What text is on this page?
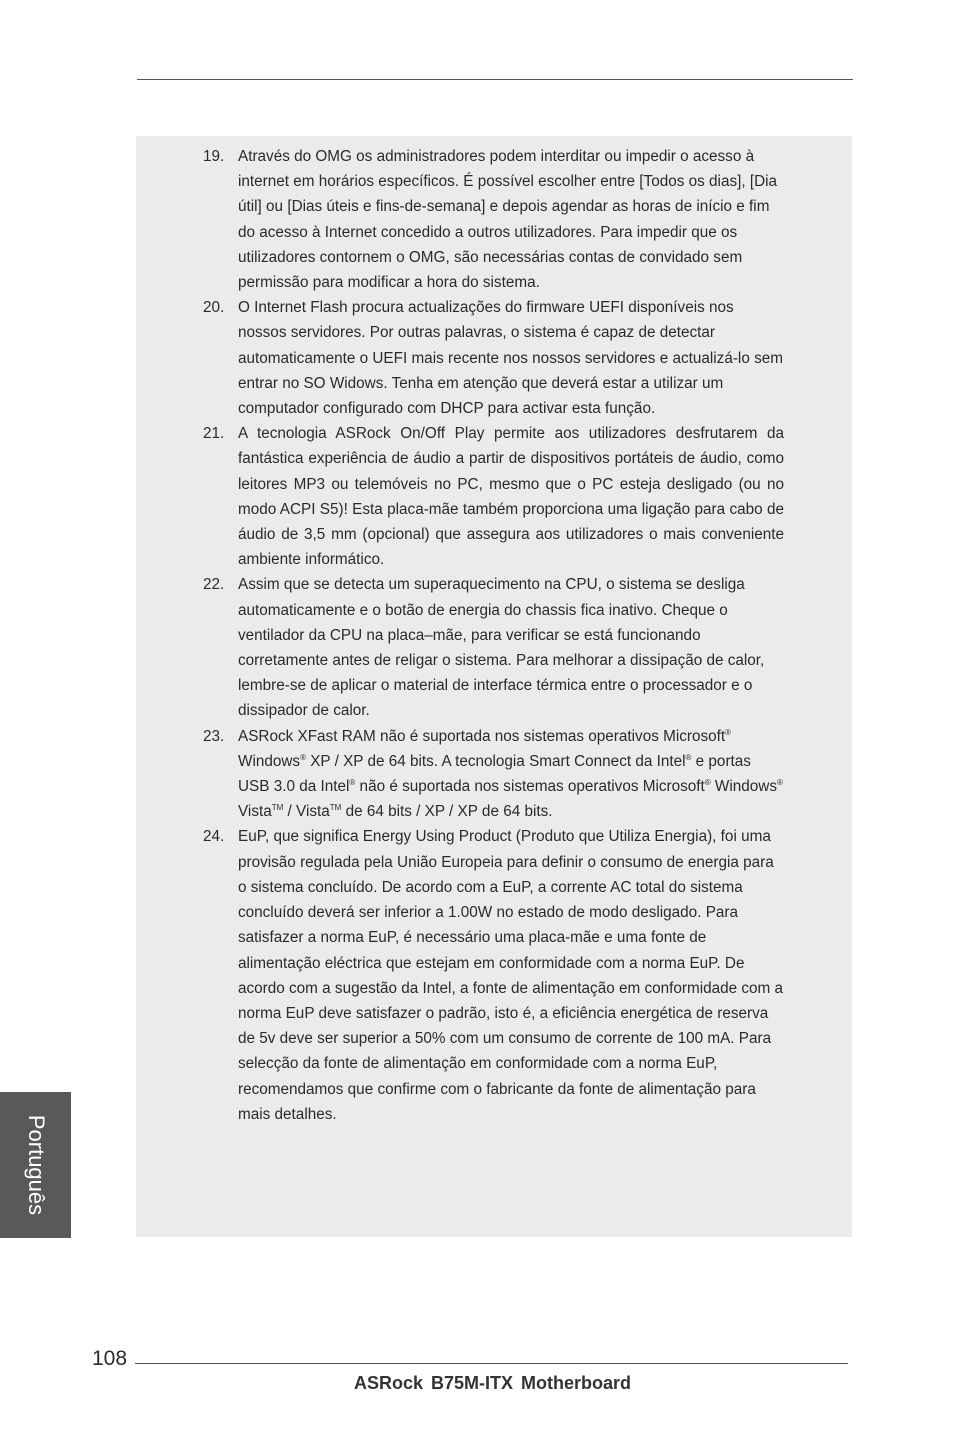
19. Através do OMG os administradores podem interditar ou impedir o acesso à internet em horários específicos. É possível escolher entre [Todos os dias], [Dia útil] ou [Dias úteis e fins-de-semana] e depois agendar as horas de início e fim do acesso à Internet concedido a outros utilizadores. Para impedir que os utilizadores contornem o OMG, são necessárias contas de convidado sem permissão para modificar a hora do sistema.
20. O Internet Flash procura actualizações do firmware UEFI disponíveis nos nossos servidores. Por outras palavras, o sistema é capaz de detectar automaticamente o UEFI mais recente nos nossos servidores e actualizá-lo sem entrar no SO Widows. Tenha em atenção que deverá estar a utilizar um computador configurado com DHCP para activar esta função.
21. A tecnologia ASRock On/Off Play permite aos utilizadores desfrutarem da fantástica experiência de áudio a partir de dispositivos portáteis de áudio, como leitores MP3 ou telemóveis no PC, mesmo que o PC esteja desligado (ou no modo ACPI S5)! Esta placa-mãe também proporciona uma ligação para cabo de áudio de 3,5 mm (opcional) que assegura aos utilizadores o mais conveniente ambiente informático.
22. Assim que se detecta um superaquecimento na CPU, o sistema se desliga automaticamente e o botão de energia do chassis fica inativo. Cheque o ventilador da CPU na placa–mãe, para verificar se está funcionando corretamente antes de religar o sistema. Para melhorar a dissipação de calor, lembre-se de aplicar o material de interface térmica entre o processador e o dissipador de calor.
23. ASRock XFast RAM não é suportada nos sistemas operativos Microsoft® Windows® XP / XP de 64 bits. A tecnologia Smart Connect da Intel® e portas USB 3.0 da Intel® não é suportada nos sistemas operativos Microsoft® Windows® Vista™ / Vista™ de 64 bits / XP / XP de 64 bits.
24. EuP, que significa Energy Using Product (Produto que Utiliza Energia), foi uma provisão regulada pela União Europeia para definir o consumo de energia para o sistema concluído. De acordo com a EuP, a corrente AC total do sistema concluído deverá ser inferior a 1.00W no estado de modo desligado. Para satisfazer a norma EuP, é necessário uma placa-mãe e uma fonte de alimentação eléctrica que estejam em conformidade com a norma EuP. De acordo com a sugestão da Intel, a fonte de alimentação em conformidade com a norma EuP deve satisfazer o padrão, isto é, a eficiência energética de reserva de 5v deve ser superior a 50% com um consumo de corrente de 100 mA. Para selecção da fonte de alimentação em conformidade com a norma EuP, recomendamos que confirme com o fabricante da fonte de alimentação para mais detalhes.
Português
108
ASRock B75M-ITX Motherboard
